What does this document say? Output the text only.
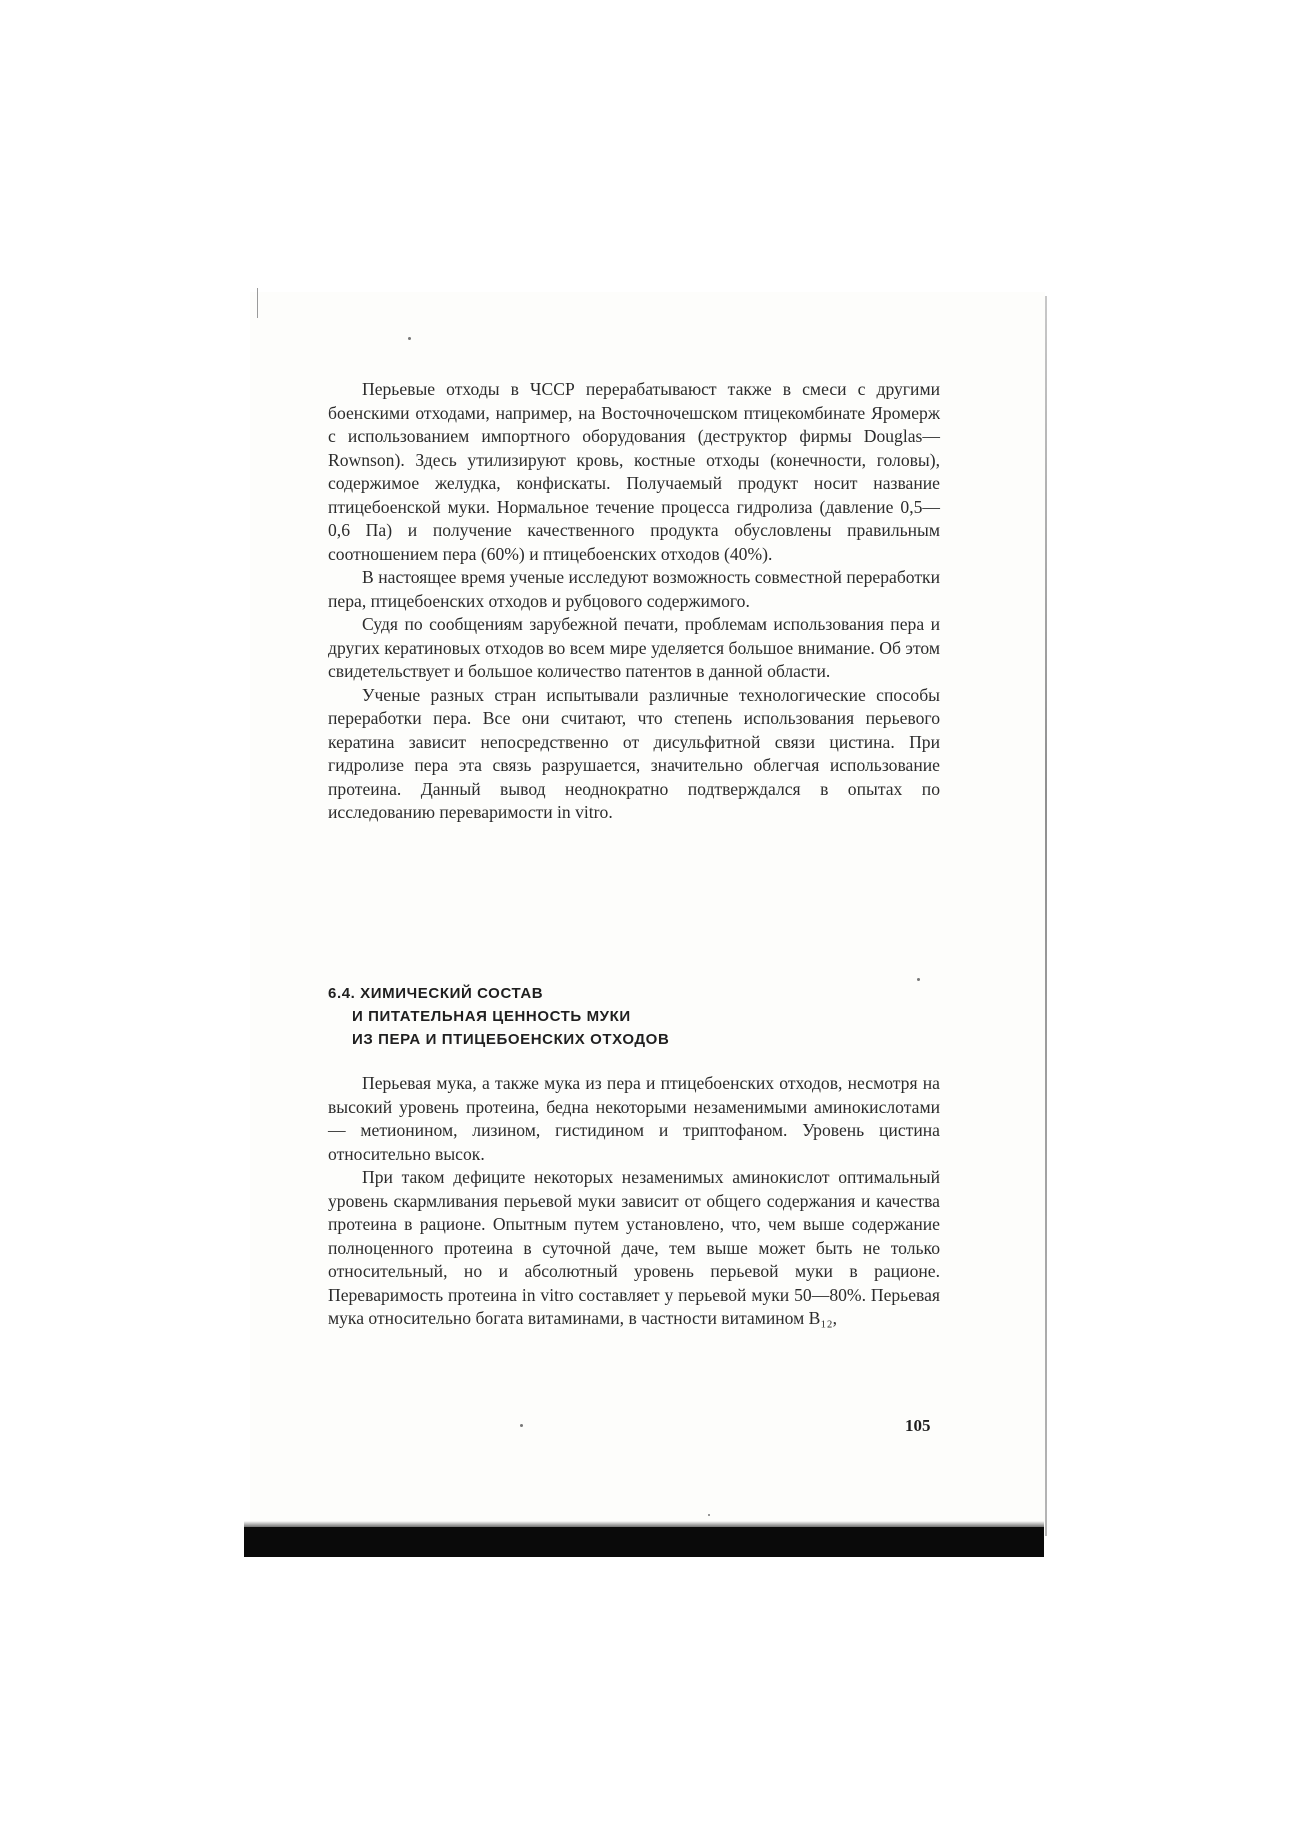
Перьевые отходы в ЧССР перерабатываюст также в смеси с другими боенскими отходами, например, на Восточночешском птицекомбинате Яромерж с использованием импортного оборудования (деструктор фирмы Douglas—Rownson). Здесь утилизируют кровь, костные отходы (конечности, головы), содержимое желудка, конфискаты. Получаемый продукт носит название птицебоенской муки. Нормальное течение процесса гидролиза (давление 0,5—0,6 Па) и получение качественного продукта обусловлены правильным соотношением пера (60%) и птицебоенских отходов (40%).

В настоящее время ученые исследуют возможность совместной переработки пера, птицебоенских отходов и рубцового содержимого.

Судя по сообщениям зарубежной печати, проблемам использования пера и других кератиновых отходов во всем мире уделяется большое внимание. Об этом свидетельствует и большое количество патентов в данной области.

Ученые разных стран испытывали различные технологические способы переработки пера. Все они считают, что степень использования перьевого кератина зависит непосредственно от дисульфитной связи цистина. При гидролизе пера эта связь разрушается, значительно облегчая использование протеина. Данный вывод неоднократно подтверждался в опытах по исследованию переваримости in vitro.

6.4. ХИМИЧЕСКИЙ СОСТАВ
И ПИТАТЕЛЬНАЯ ЦЕННОСТЬ МУКИ
ИЗ ПЕРА И ПТИЦЕБОЕНСКИХ ОТХОДОВ

Перьевая мука, а также мука из пера и птицебоенских отходов, несмотря на высокий уровень протеина, бедна некоторыми незаменимыми аминокислотами — метионином, лизином, гистидином и триптофаном. Уровень цистина относительно высок.

При таком дефиците некоторых незаменимых аминокислот оптимальный уровень скармливания перьевой муки зависит от общего содержания и качества протеина в рационе. Опытным путем установлено, что, чем выше содержание полноценного протеина в суточной даче, тем выше может быть не только относительный, но и абсолютный уровень перьевой муки в рационе. Переваримость протеина in vitro составляет у перьевой муки 50—80%. Перьевая мука относительно богата витаминами, в частности витамином B₁₂,

105
